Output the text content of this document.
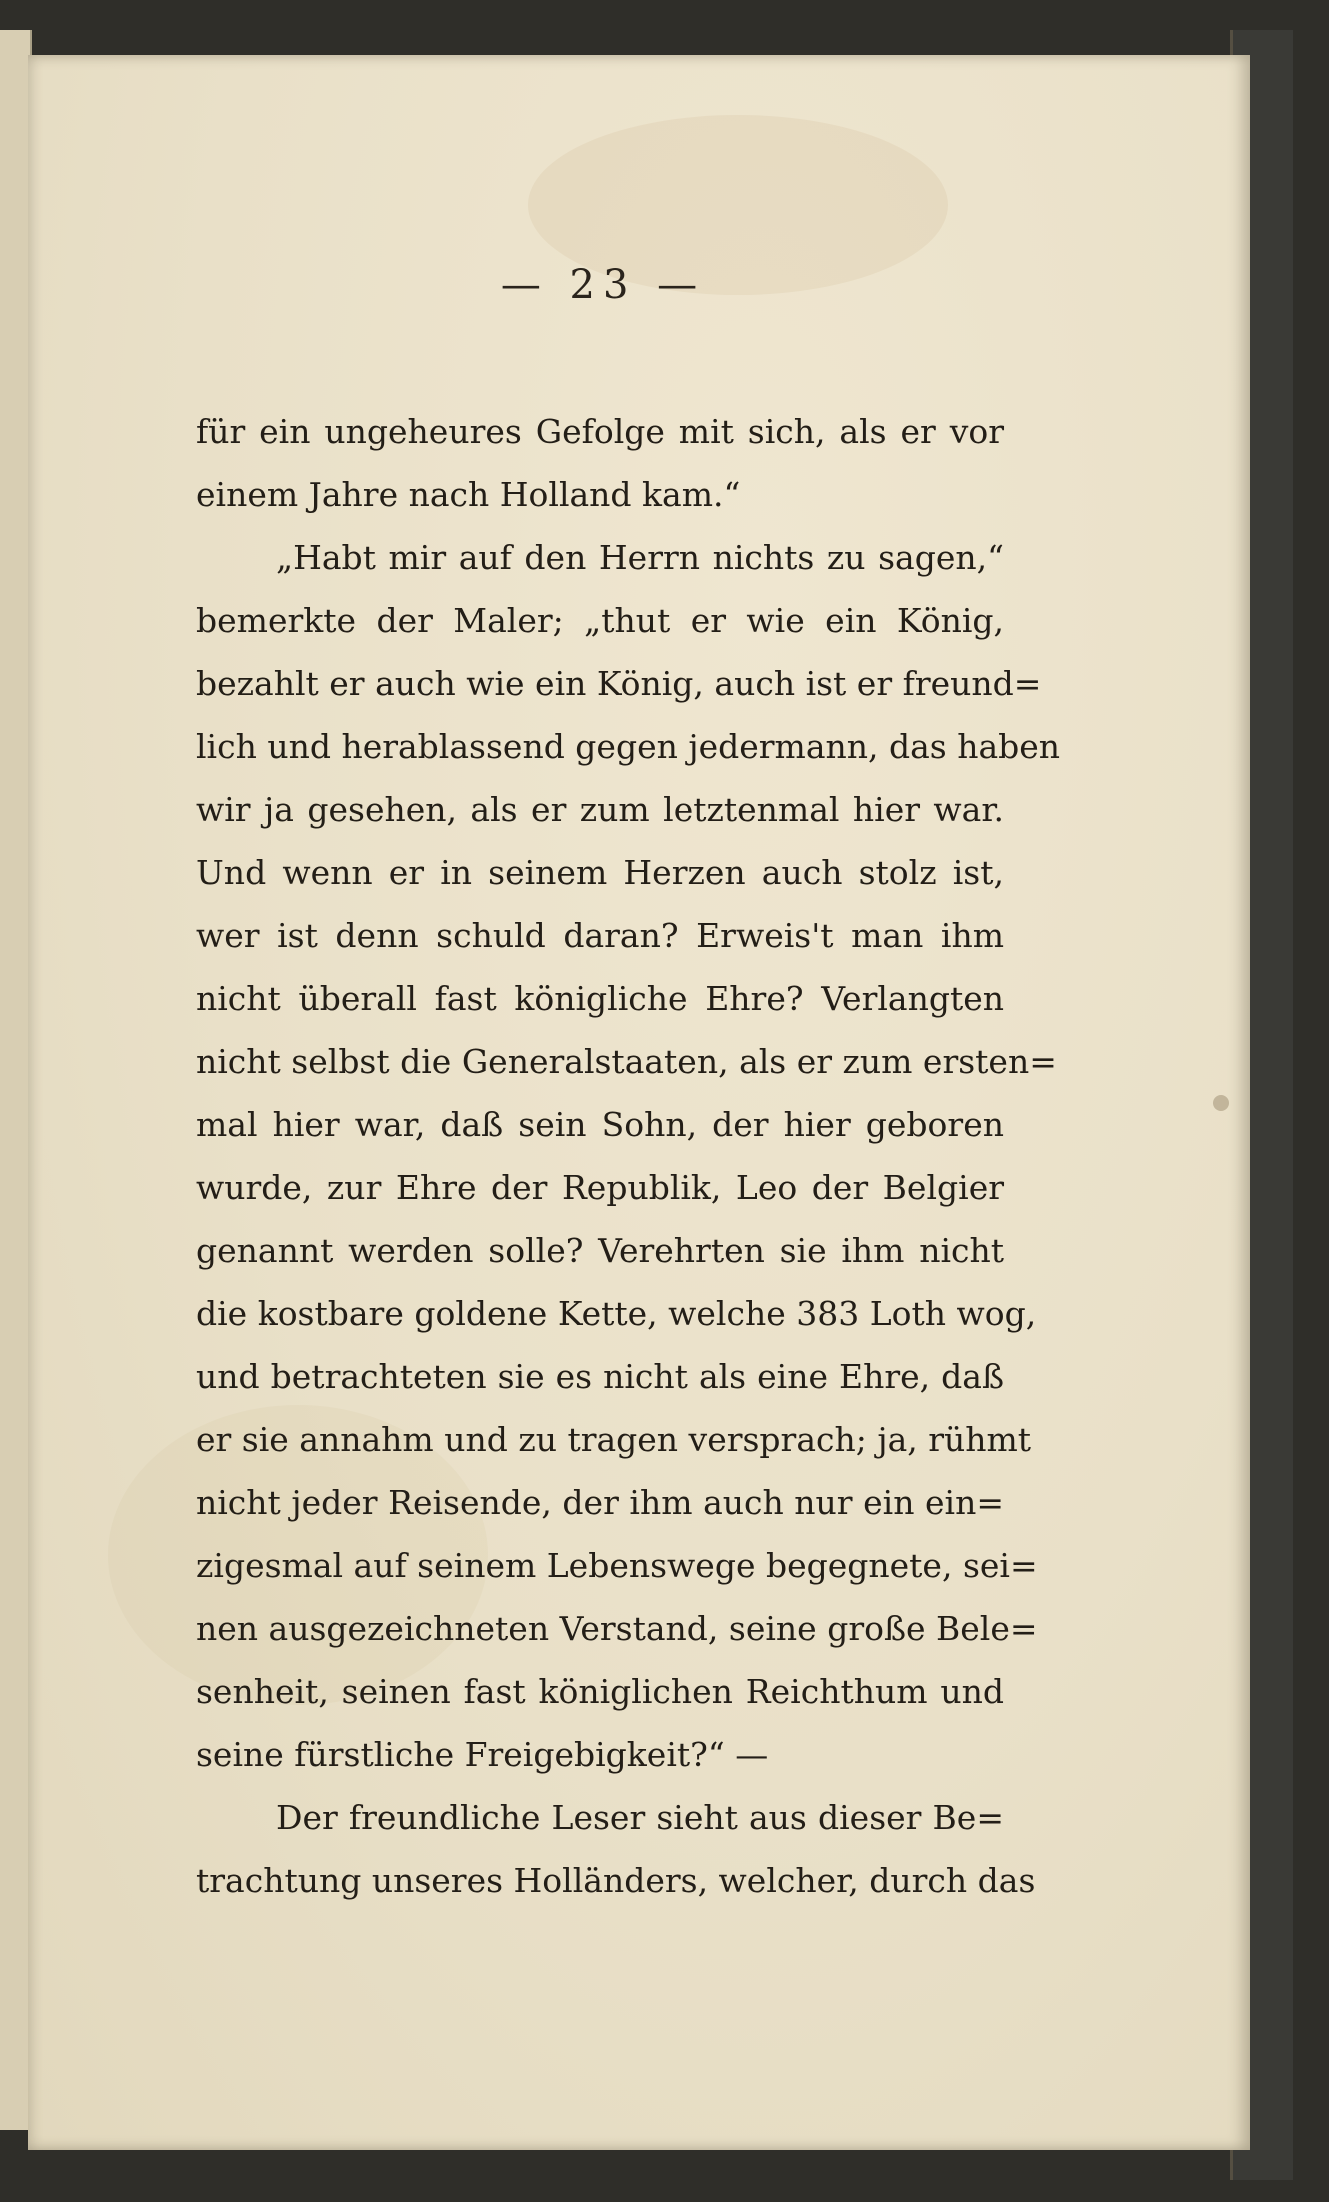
— 23 —

für ein ungeheures Gefolge mit sich, als er vor
einem Jahre nach Holland kam.“
„Habt mir auf den Herrn nichts zu sagen,“
bemerkte der Maler; „thut er wie ein König,
bezahlt er auch wie ein König, auch ist er freund=
lich und herablassend gegen jedermann, das haben
wir ja gesehen, als er zum letztenmal hier war.
Und wenn er in seinem Herzen auch stolz ist,
wer ist denn schuld daran? Erweis't man ihm
nicht überall fast königliche Ehre? Verlangten
nicht selbst die Generalstaaten, als er zum ersten=
mal hier war, daß sein Sohn, der hier geboren
wurde, zur Ehre der Republik, Leo der Belgier
genannt werden solle? Verehrten sie ihm nicht
die kostbare goldene Kette, welche 383 Loth wog,
und betrachteten sie es nicht als eine Ehre, daß
er sie annahm und zu tragen versprach; ja, rühmt
nicht jeder Reisende, der ihm auch nur ein ein=
zigesmal auf seinem Lebenswege begegnete, sei=
nen ausgezeichneten Verstand, seine große Bele=
senheit, seinen fast königlichen Reichthum und
seine fürstliche Freigebigkeit?“ —
Der freundliche Leser sieht aus dieser Be=
trachtung unseres Holländers, welcher, durch das
